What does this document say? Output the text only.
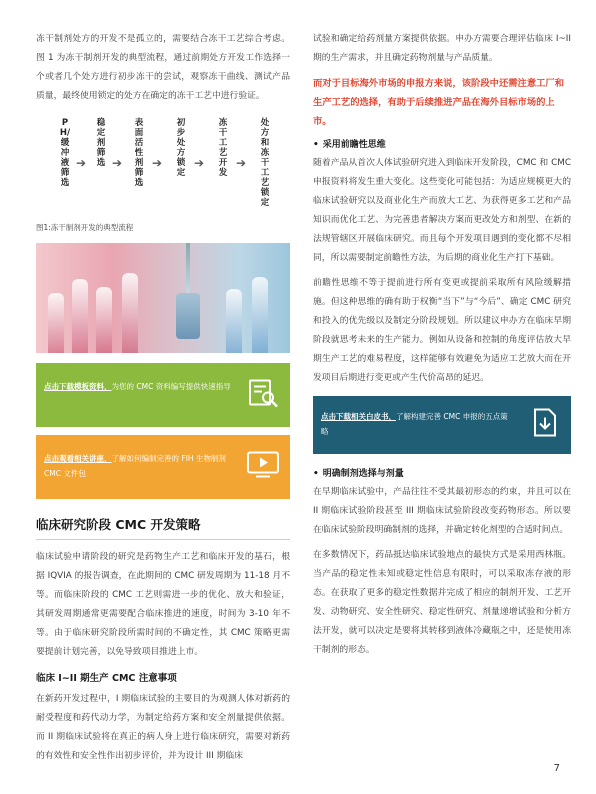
冻干制剂处方的开发不是孤立的，需要结合冻干工艺综合考虑。图 1 为冻干制剂开发的典型流程，通过前期处方开发工作选择一个或者几个处方进行初步冻干的尝试，观察冻干曲线、测试产品质量，最终使用锁定的处方在确定的冻干工艺中进行验证。

PH/缓冲液筛选
➔
稳定剂筛选 ➔
表面活性剂筛选
➔
初步处方锁定
➔
冻干工艺开发
➔
处方和冻干工艺锁定
图1:冻干制剂开发的典型流程
点击下载模板资料，为您的 CMC 资料编写提供快速指导
点击观看相关讲座，了解如何编制完善的 FIH 生物制剂 CMC 文件包
临床研究阶段 CMC 开发策略

临床试验申请阶段的研究是药物生产工艺和临床开发的基石，根据 IQVIA 的报告调查，在此期间的 CMC 研发周期为 11-18 月不等。而临床阶段的 CMC 工艺则需进一步的优化、放大和验证，其研发周期通常更需要配合临床推进的速度，时间为 3-10 年不等。由于临床研究阶段所需时间的不确定性，其 CMC 策略更需要提前计划完善，以免导致项目推进上市。

临床 I~II 期生产 CMC 注意事项

在新药开发过程中，I 期临床试验的主要目的为观测人体对新药的耐受程度和药代动力学，为制定给药方案和安全剂量提供依据。而 II 期临床试验将在真正的病人身上进行临床研究，需要对新药的有效性和安全性作出初步评价，并为设计 III 期临床

试验和确定给药剂量方案提供依据。申办方需要合理评估临床 I~II 期的生产需求，并且确定药物剂量与产品质量。

而对于目标海外市场的申报方来说，该阶段中还需注意工厂和生产工艺的选择，有助于后续推进产品在海外目标市场的上市。

• 采用前瞻性思维

随着产品从首次人体试验研究进入到临床开发阶段，CMC 和 CMC 申报资料将发生重大变化。这些变化可能包括：为适应规模更大的临床试验研究以及商业化生产而放大工艺、为获得更多工艺和产品知识而优化工艺、为完善患者解决方案而更改处方和剂型、在新的法规管辖区开展临床研究。而且每个开发项目遇到的变化都不尽相同，所以需要制定前瞻性方法，为后期的商业化生产打下基础。

前瞻性思维不等于提前进行所有变更或提前采取所有风险缓解措施。但这种思维的确有助于权衡“当下”与“今后”、确定 CMC 研究和投入的优先级以及制定分阶段规划。所以建议申办方在临床早期阶段就思考未来的生产能力。例如从设备和控制的角度评估放大早期生产工艺的难易程度，这样能够有效避免为适应工艺放大而在开发项目后期进行变更或产生代价高昂的延迟。

点击下载相关白皮书，了解构建完善 CMC 申报的五点策略
• 明确制剂选择与剂量

在早期临床试验中，产品往往不受其最初形态的约束，并且可以在 II 期临床试验阶段甚至 III 期临床试验阶段改变药物形态。所以要在临床试验阶段明确制剂的选择，并确定转化剂型的合适时间点。

在多数情况下，药品抵达临床试验地点的最快方式是采用西林瓶。当产品的稳定性未知或稳定性信息有限时，可以采取冻存液的形态。在获取了更多的稳定性数据并完成了相应的制剂开发、工艺开发、动物研究、安全性研究、稳定性研究、剂量递增试验和分析方法开发，就可以决定是要将其转移到液体冷藏瓶之中，还是使用冻干制剂的形态。

7
